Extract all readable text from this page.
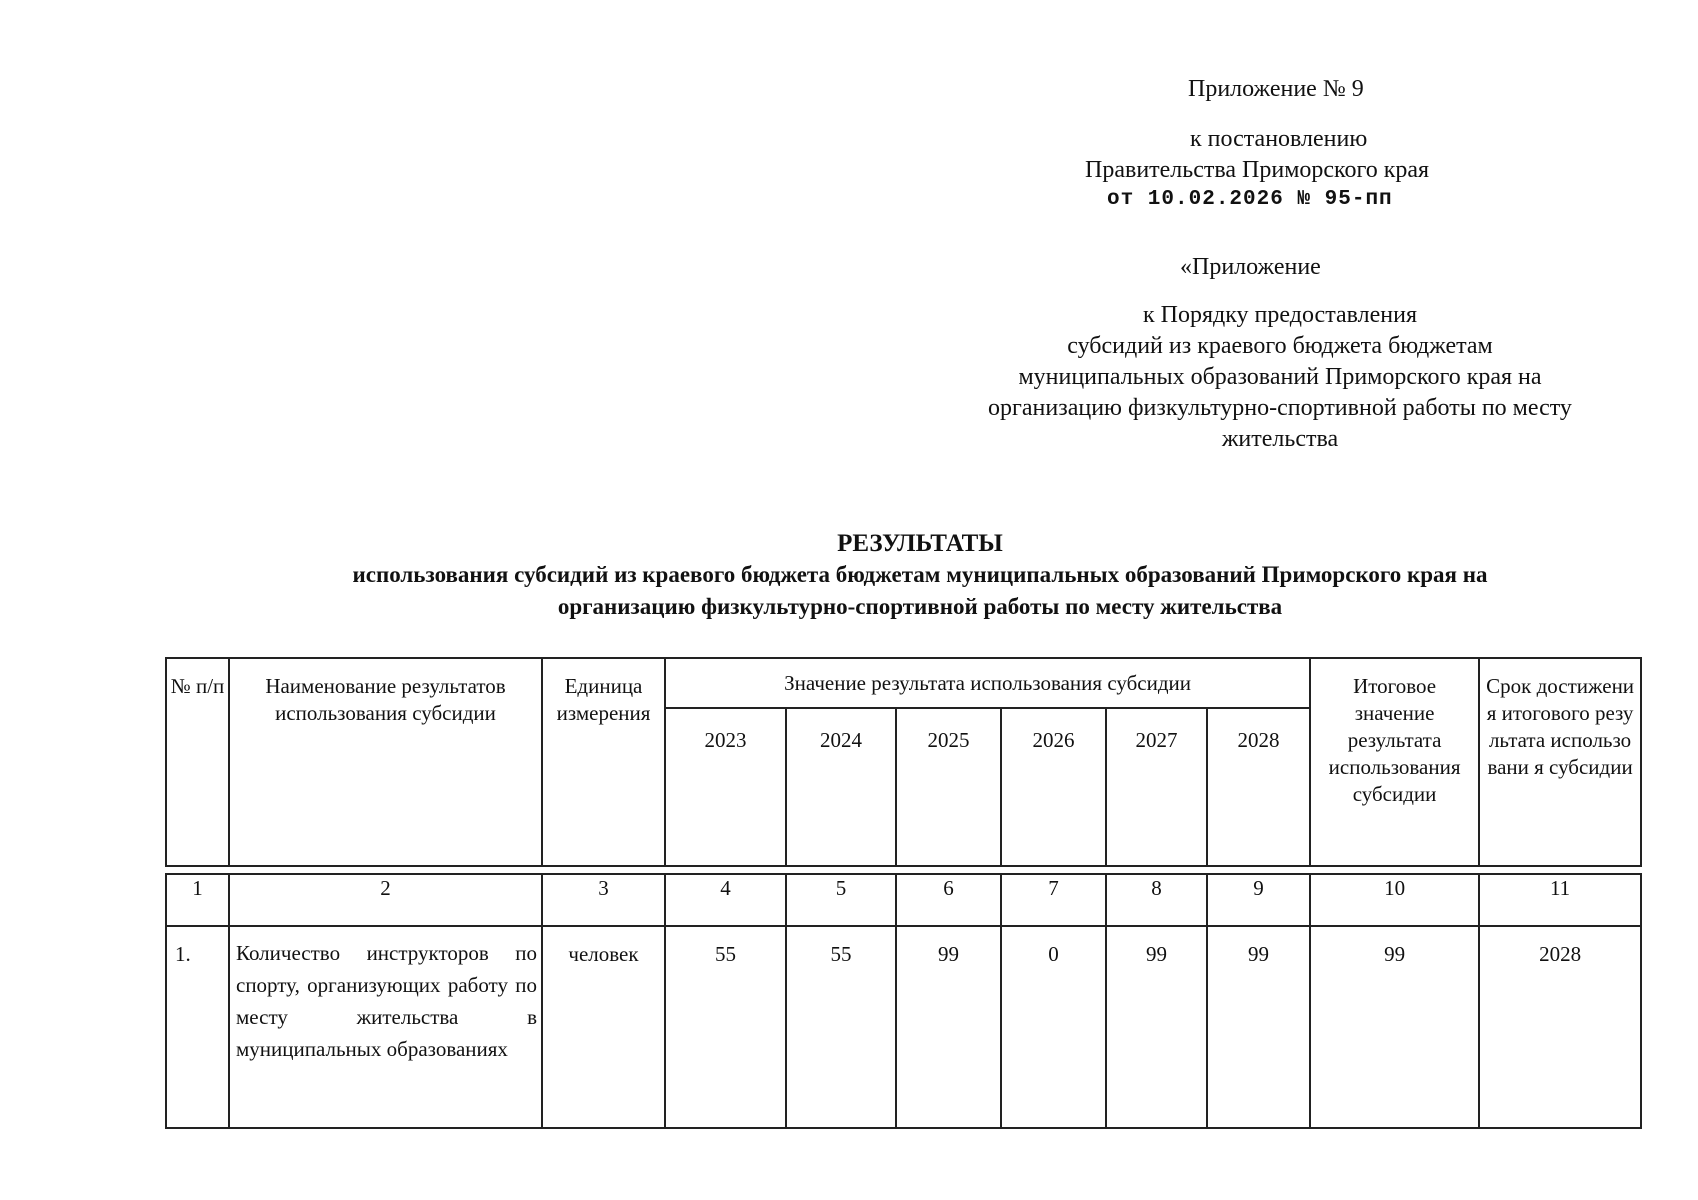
Приложение № 9
к постановлению
Правительства Приморского края
от 10.02.2026 № 95-пп
«Приложение
к Порядку предоставления
субсидий из краевого бюджета бюджетам
муниципальных образований Приморского края на
организацию физкультурно-спортивной работы по месту
жительства
РЕЗУЛЬТАТЫ
использования субсидий из краевого бюджета бюджетам муниципальных образований Приморского края на
организацию физкультурно-спортивной работы по месту жительства
№ п/п	Наименование результатов использования субсидии	Единица измерения	Значение результата использования субсидии						Итоговое значение результата использования субсидии	Срок достижения итогового результата использовани я субсидии
			2023	2024	2025	2026	2027	2028		

1	2	3	4	5	6	7	8	9	10	11
1.	Количество инструкторов по спорту, организующих работу по месту жительства в муниципальных образованиях	человек	55	55	99	0	99	99	99	2028
